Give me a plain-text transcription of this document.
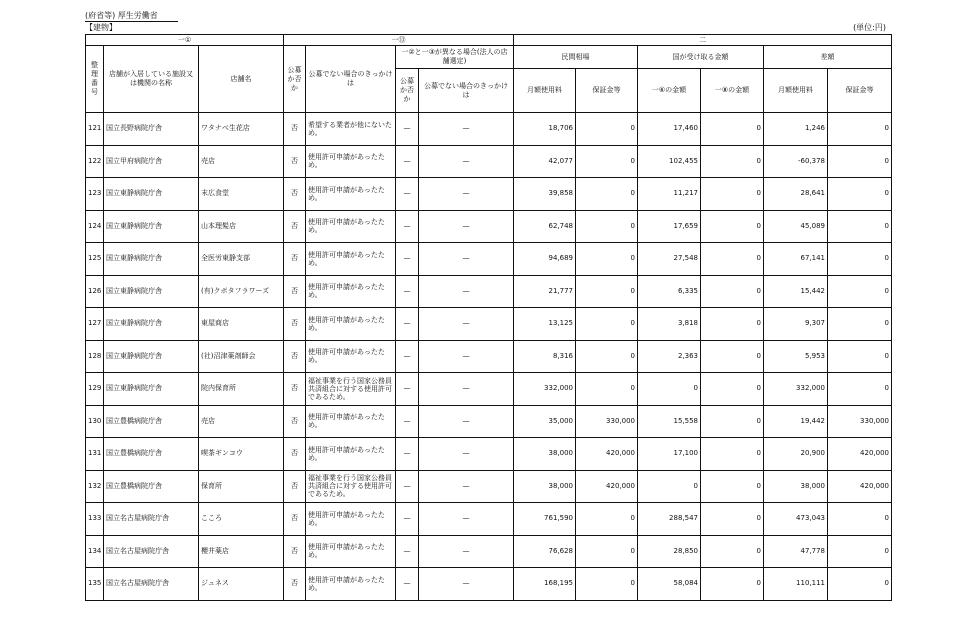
(府省等) 厚生労働省
【建物】	(単位:円)
一①			一⑬				二					
整理番号	店舗が入居している施設又は機関の名称	店舗名	公募か否か	公募でない場合のきっかけは	一②と一③が異なる場合(法人の店舗選定)		民間相場		国が受け取る金額		差額	
					公募か否か	公募でない場合のきっかけは	月額使用料	保証金等	一⑥の金額	一⑧の金額	月額使用料	保証金等
121	国立長野病院庁舎	ワタナベ生花店	否	希望する業者が他にないため。	—	—	18,706	0	17,460	0	1,246	0
122	国立甲府病院庁舎	売店	否	使用許可申請があったため。	—	—	42,077	0	102,455	0	-60,378	0
123	国立東静病院庁舎	末広食堂	否	使用許可申請があったため。	—	—	39,858	0	11,217	0	28,641	0
124	国立東静病院庁舎	山本理髪店	否	使用許可申請があったため。	—	—	62,748	0	17,659	0	45,089	0
125	国立東静病院庁舎	全医労東静支部	否	使用許可申請があったため。	—	—	94,689	0	27,548	0	67,141	0
126	国立東静病院庁舎	(有)クボタフラワーズ	否	使用許可申請があったため。	—	—	21,777	0	6,335	0	15,442	0
127	国立東静病院庁舎	東屋商店	否	使用許可申請があったため。	—	—	13,125	0	3,818	0	9,307	0
128	国立東静病院庁舎	(社)沼津薬剤師会	否	使用許可申請があったため。	—	—	8,316	0	2,363	0	5,953	0
129	国立東静病院庁舎	院内保育所	否	福祉事業を行う国家公務員共済組合に対する使用許可であるため。	—	—	332,000	0	0	0	332,000	0
130	国立豊橋病院庁舎	売店	否	使用許可申請があったため。	—	—	35,000	330,000	15,558	0	19,442	330,000
131	国立豊橋病院庁舎	喫茶ギンコウ	否	使用許可申請があったため。	—	—	38,000	420,000	17,100	0	20,900	420,000
132	国立豊橋病院庁舎	保育所	否	福祉事業を行う国家公務員共済組合に対する使用許可であるため。	—	—	38,000	420,000	0	0	38,000	420,000
133	国立名古屋病院庁舎	こころ	否	使用許可申請があったため。	—	—	761,590	0	288,547	0	473,043	0
134	国立名古屋病院庁舎	櫻井薬店	否	使用許可申請があったため。	—	—	76,628	0	28,850	0	47,778	0
135	国立名古屋病院庁舎	ジュネス	否	使用許可申請があったため。	—	—	168,195	0	58,084	0	110,111	0
